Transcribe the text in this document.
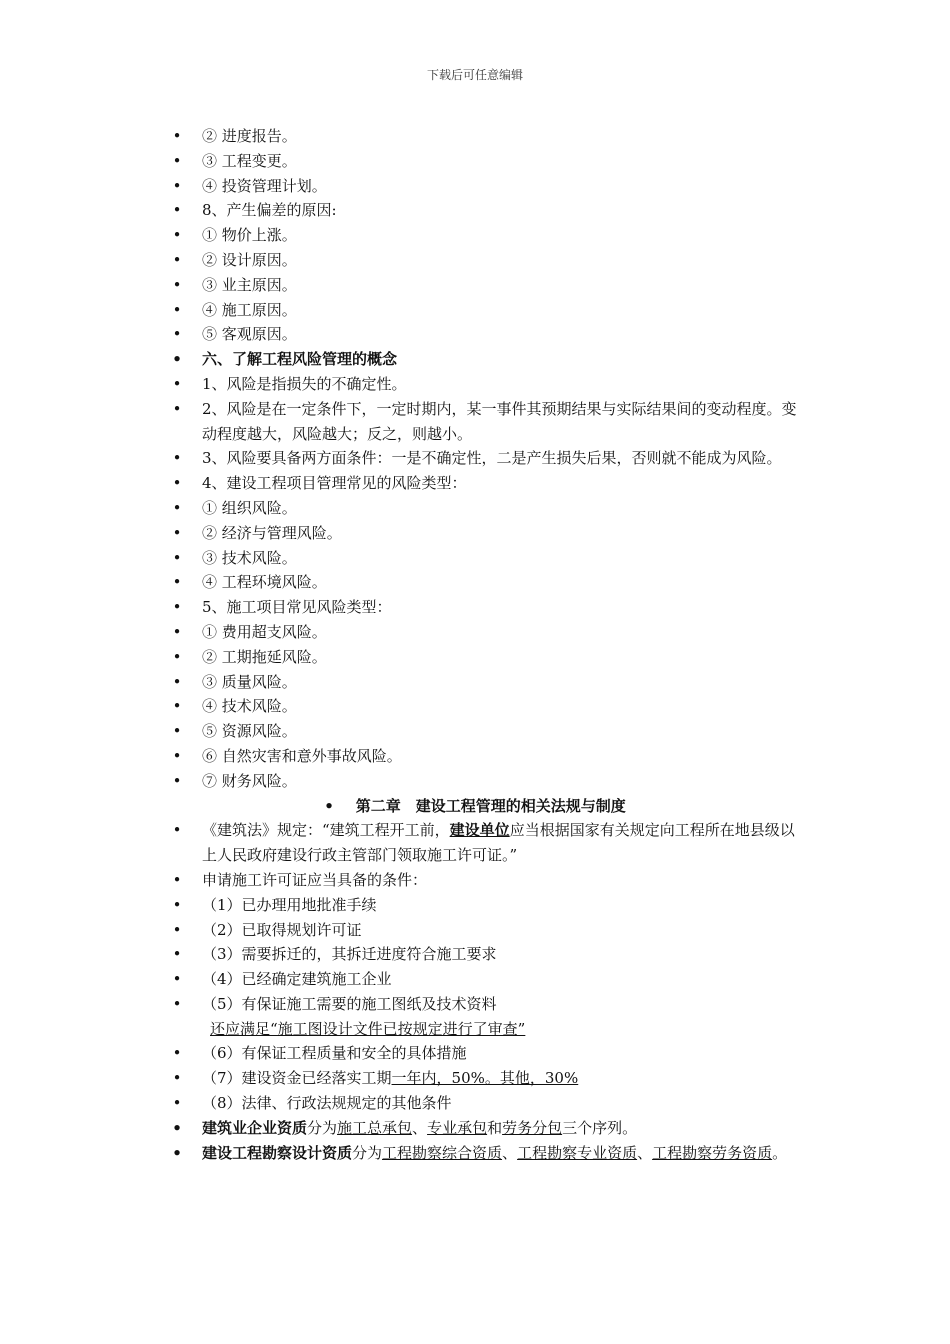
下载后可任意编辑
• ② 进度报告。
• ③ 工程变更。
• ④ 投资管理计划。
• 8、产生偏差的原因:
• ① 物价上涨。
• ② 设计原因。
• ③ 业主原因。
• ④ 施工原因。
• ⑤ 客观原因。
• 六、了解工程风险管理的概念
• 1、风险是指损失的不确定性。
• 2、风险是在一定条件下，一定时期内，某一事件其预期结果与实际结果间的变动程度。变动程度越大，风险越大；反之，则越小。
• 3、风险要具备两方面条件：一是不确定性，二是产生损失后果，否则就不能成为风险。
• 4、建设工程项目管理常见的风险类型：
• ① 组织风险。
• ② 经济与管理风险。
• ③ 技术风险。
• ④ 工程环境风险。
• 5、施工项目常见风险类型：
• ① 费用超支风险。
• ② 工期拖延风险。
• ③ 质量风险。
• ④ 技术风险。
• ⑤ 资源风险。
• ⑥ 自然灾害和意外事故风险。
• ⑦ 财务风险。
• 第二章　建设工程管理的相关法规与制度
• 《建筑法》规定：“建筑工程开工前，建设单位应当根据国家有关规定向工程所在地县级以上人民政府建设行政主管部门领取施工许可证。”
• 申请施工许可证应当具备的条件：
• （1）已办理用地批准手续
• （2）已取得规划许可证
• （3）需要拆迁的，其拆迁进度符合施工要求
• （4）已经确定建筑施工企业
• （5）有保证施工需要的施工图纸及技术资料
还应满足“施工图设计文件已按规定进行了审查”
• （6）有保证工程质量和安全的具体措施
• （7）建设资金已经落实工期一年内，50%。其他，30%
• （8）法律、行政法规规定的其他条件
• 建筑业企业资质分为施工总承包、专业承包和劳务分包三个序列。
• 建设工程勘察设计资质分为工程勘察综合资质、工程勘察专业资质、工程勘察劳务资质。
